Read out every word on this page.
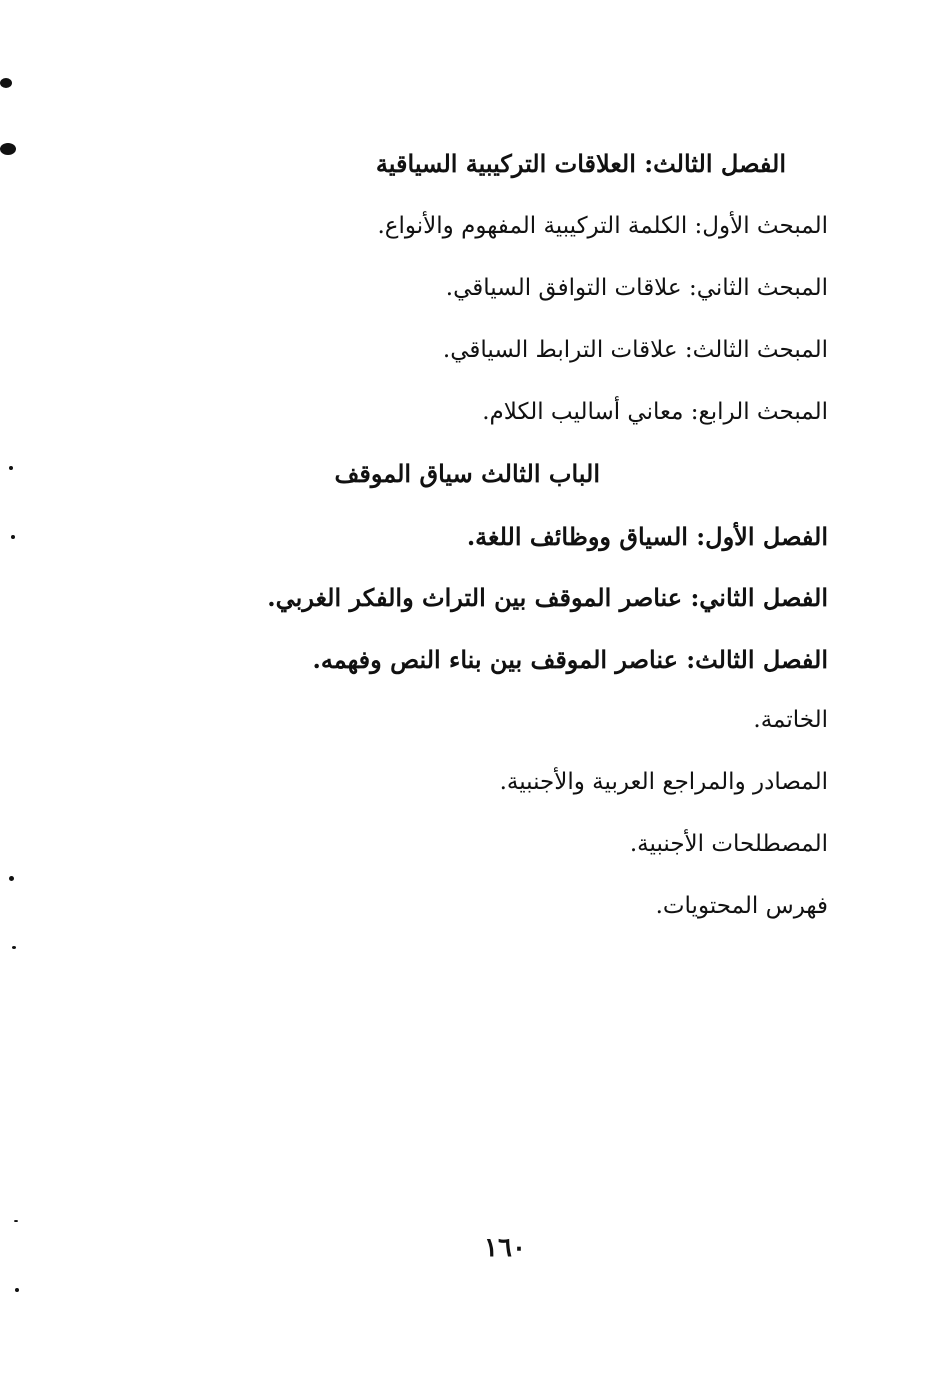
الفصل الثالث: العلاقات التركيبية السياقية
المبحث الأول: الكلمة التركيبية المفهوم والأنواع.
المبحث الثاني: علاقات التوافق السياقي.
المبحث الثالث: علاقات الترابط السياقي.
المبحث الرابع: معاني أساليب الكلام.
الباب الثالث سياق الموقف
الفصل الأول: السياق ووظائف اللغة.
الفصل الثاني: عناصر الموقف بين التراث والفكر الغربي.
الفصل الثالث: عناصر الموقف بين بناء النص وفهمه.
الخاتمة.
المصادر والمراجع العربية والأجنبية.
المصطلحات الأجنبية.
فهرس المحتويات.
١٦٠
